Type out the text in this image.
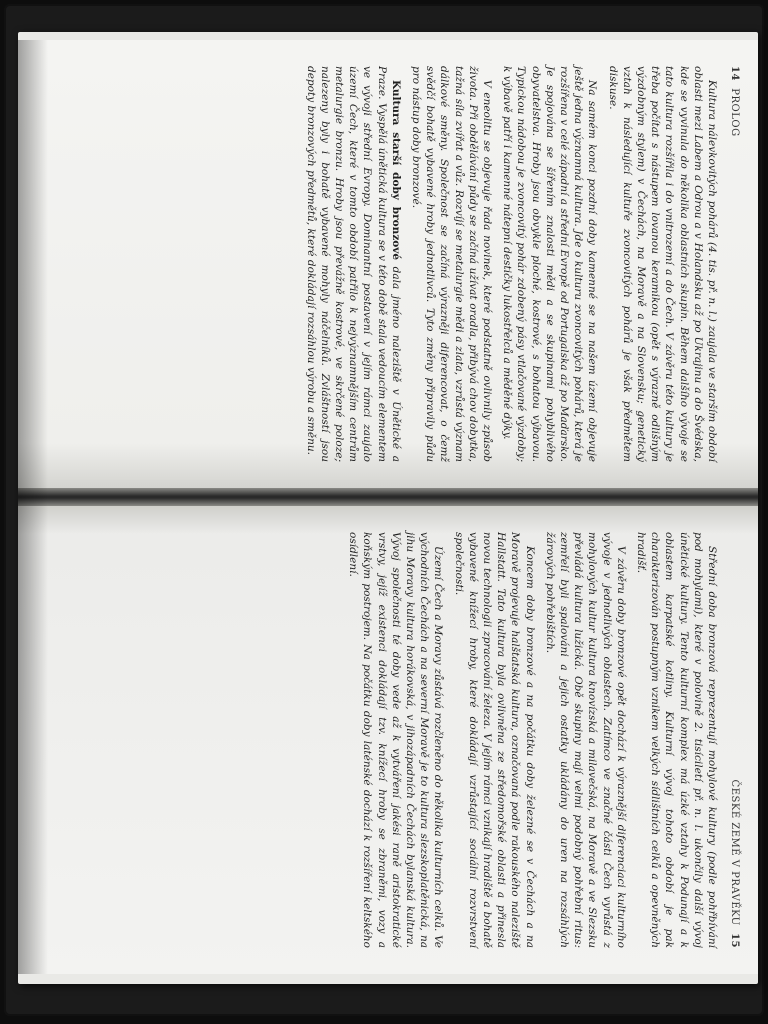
14  PROLOG

Kultura nálevkovitých pohárů (4. tis. př. n. l.) zaujala ve starším období oblasti mezi Labem a Odrou a v Holandsku až po Ukrajinu a do Švédska, kde se vyvinula do několika oblastních skupin. Během dalšího vývoje se tato kultura rozšířila i do vnitrozemí a do Čech. V závěru této kultury je třeba počítat s nástupem lovanou keramikou (opět s výrazně odlišným výzdobným stylem) v Čechách, na Moravě a na Slovensku; genetický vztah k následující kultuře zvoncovitých pohárů je však předmětem diskuse.

Na samém konci pozdní doby kamenné se na našem území objevuje ještě jedna významná kultura. Jde o kulturu zvoncovitých pohárů, která je rozšířena v celé západní a střední Evropě od Portugalska až po Maďarsko. Je spojována se šířením znalosti mědi a se skupinami pohyblivého obyvatelstva. Hroby jsou obvykle ploché, kostrové, s bohatou výbavou. Typickou nádobou je zvoncovitý pohár zdobený pásy vtlačované výzdoby; k výbavě patří i kamenné nátepní destičky lukostřelců a měděné dýky.

V eneolitu se objevuje řada novinek, které podstatně ovlivnily způsob života. Při obdělávání půdy se začíná užívat oradla, přibývá chov dobytka, tažná síla zvířat a vůz. Rozvíjí se metalurgie mědi a zlata, vzrůstá význam dálkové směny. Společnost se začíná výrazněji diferencovat, o čemž svědčí bohatě vybavené hroby jednotlivců. Tyto změny připravily půdu pro nástup doby bronzové.

Kultura starší doby bronzové dala jméno naleziště v Únětické a Praze. Vyspělá únětická kultura se v této době stala vedoucím elementem ve vývoji střední Evropy. Dominantní postavení v jejím rámci zaujalo území Čech, které v tomto období patřilo k nejvýznamnějším centrům metalurgie bronzu. Hroby jsou převážně kostrové, ve skrčené poloze; nalezeny byly i bohatě vybavené mohyly náčelníků. Zvláštností jsou depoty bronzových předmětů, které dokládají rozsáhlou výrobu a směnu.

ČESKÉ ZEMĚ V PRAVĚKU  15

Střední doba bronzová reprezentují mohylové kultury (podle pohřbívání pod mohylami), které v polovině 2. tisíciletí př. n. l. ukončily další vývoj únětické kultury. Tento kulturní komplex má úzké vztahy k Podunají a k oblastem karpatské kotliny. Kulturní vývoj tohoto období je pak charakterizován postupným vznikem velkých sídlištních celků a opevněných hradišť.

V závěru doby bronzové opět dochází k výraznější diferenciaci kulturního vývoje v jednotlivých oblastech. Zatímco ve značné části Čech vyrůstá z mohylových kultur kultura knovízská a milavečská, na Moravě a ve Slezsku převládá kultura lužická. Obě skupiny mají velmi podobný pohřební ritus: zemřelí byli spalováni a jejich ostatky ukládány do uren na rozsáhlých žárových pohřebištích.

Koncem doby bronzové a na počátku doby železné se v Čechách a na Moravě projevuje halštatská kultura, označovaná podle rakouského naleziště Hallstatt. Tato kultura byla ovlivněna ze středomořské oblasti a přinesla novou technologii zpracování železa. V jejím rámci vznikají hradiště a bohatě vybavené knížecí hroby, které dokládají vzrůstající sociální rozvrstvení společnosti.

Území Čech a Moravy zůstává rozčleněno do několika kulturních celků. Ve východních Čechách a na severní Moravě je to kultura slezskoplatěnická, na jihu Moravy kultura horákovská, v jihozápadních Čechách bylanská kultura. Vývoj společnosti té doby vede až k vytváření jakési raně aristokratické vrstvy, jejíž existenci dokládají tzv. knížecí hroby se zbraněmi, vozy a koňským postrojem. Na počátku doby laténské dochází k rozšíření keltského osídlení.
